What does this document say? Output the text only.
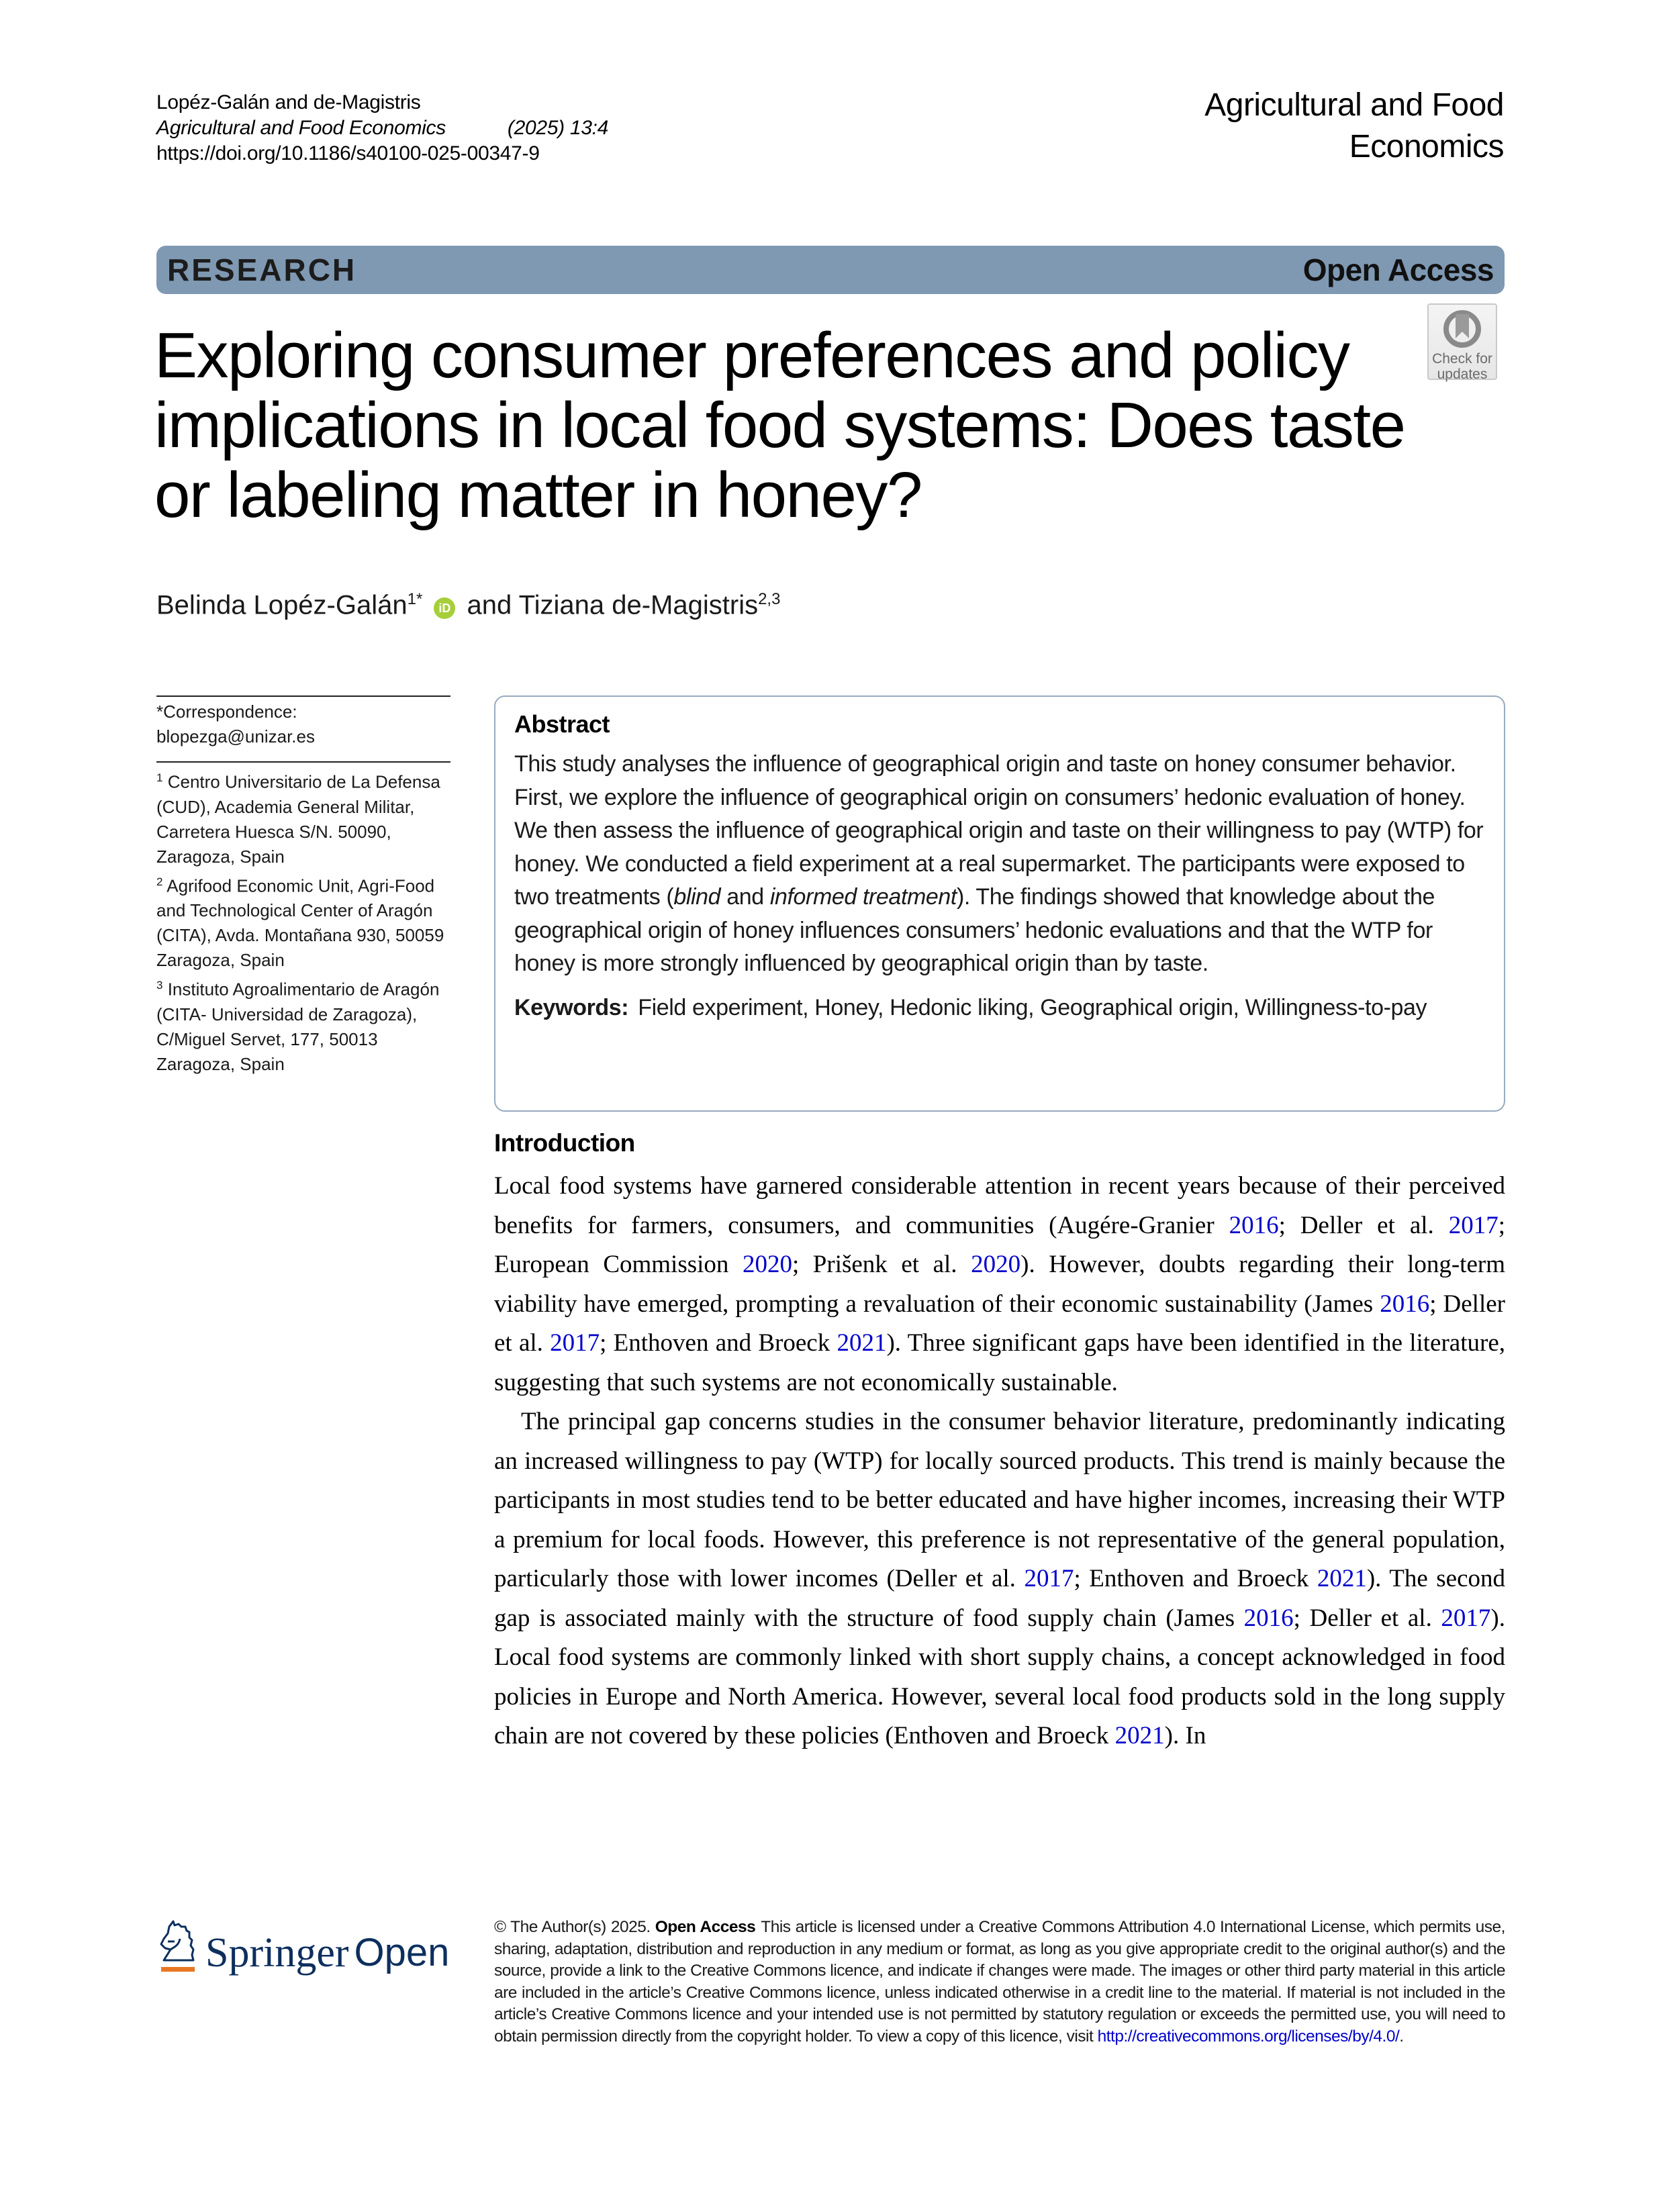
Lopéz-Galán and de-Magistris
Agricultural and Food Economics	(2025) 13:4
https://doi.org/10.1186/s40100-025-00347-9
Agricultural and Food
Economics
RESEARCH	Open Access
Exploring consumer preferences and policy
implications in local food systems: Does taste
or labeling matter in honey?
Check for
updates
Belinda Lopéz-Galán$^{1*}$ iD and Tiziana de-Magistris$^{2,3}$
*Correspondence:
blopezga@unizar.es
$^1$ Centro Universitario de La Defensa (CUD), Academia General Militar, Carretera Huesca S/N. 50090, Zaragoza, Spain
$^2$ Agrifood Economic Unit, Agri-Food and Technological Center of Aragón (CITA), Avda. Montañana 930, 50059 Zaragoza, Spain
$^3$ Instituto Agroalimentario de Aragón (CITA- Universidad de Zaragoza), C/Miguel Servet, 177, 50013 Zaragoza, Spain
Abstract

This study analyses the influence of geographical origin and taste on honey consumer behavior. First, we explore the influence of geographical origin on consumers’ hedonic evaluation of honey. We then assess the influence of geographical origin and taste on their willingness to pay (WTP) for honey. We conducted a field experiment at a real supermarket. The participants were exposed to two treatments (blind and informed treatment). The findings showed that knowledge about the geographical origin of honey influences consumers’ hedonic evaluations and that the WTP for honey is more strongly influenced by geographical origin than by taste.

Keywords: Field experiment, Honey, Hedonic liking, Geographical origin, Willingness-to-pay

Introduction

Local food systems have garnered considerable attention in recent years because of their perceived benefits for farmers, consumers, and communities (Augére-Granier 2016; Deller et al. 2017; European Commission 2020; Prišenk et al. 2020). However, doubts regarding their long-term viability have emerged, prompting a revaluation of their economic sustainability (James 2016; Deller et al. 2017; Enthoven and Broeck 2021). Three significant gaps have been identified in the literature, suggesting that such systems are not economically sustainable.

The principal gap concerns studies in the consumer behavior literature, predominantly indicating an increased willingness to pay (WTP) for locally sourced products. This trend is mainly because the participants in most studies tend to be better educated and have higher incomes, increasing their WTP a premium for local foods. However, this preference is not representative of the general population, particularly those with lower incomes (Deller et al. 2017; Enthoven and Broeck 2021). The second gap is associated mainly with the structure of food supply chain (James 2016; Deller et al. 2017). Local food systems are commonly linked with short supply chains, a concept acknowledged in food policies in Europe and North America. However, several local food products sold in the long supply chain are not covered by these policies (Enthoven and Broeck 2021). In

Springer Open
© The Author(s) 2025. Open Access This article is licensed under a Creative Commons Attribution 4.0 International License, which permits use, sharing, adaptation, distribution and reproduction in any medium or format, as long as you give appropriate credit to the original author(s) and the source, provide a link to the Creative Commons licence, and indicate if changes were made. The images or other third party material in this article are included in the article’s Creative Commons licence, unless indicated otherwise in a credit line to the material. If material is not included in the article’s Creative Commons licence and your intended use is not permitted by statutory regulation or exceeds the permitted use, you will need to obtain permission directly from the copyright holder. To view a copy of this licence, visit http://creativecommons.org/licenses/by/4.0/.
